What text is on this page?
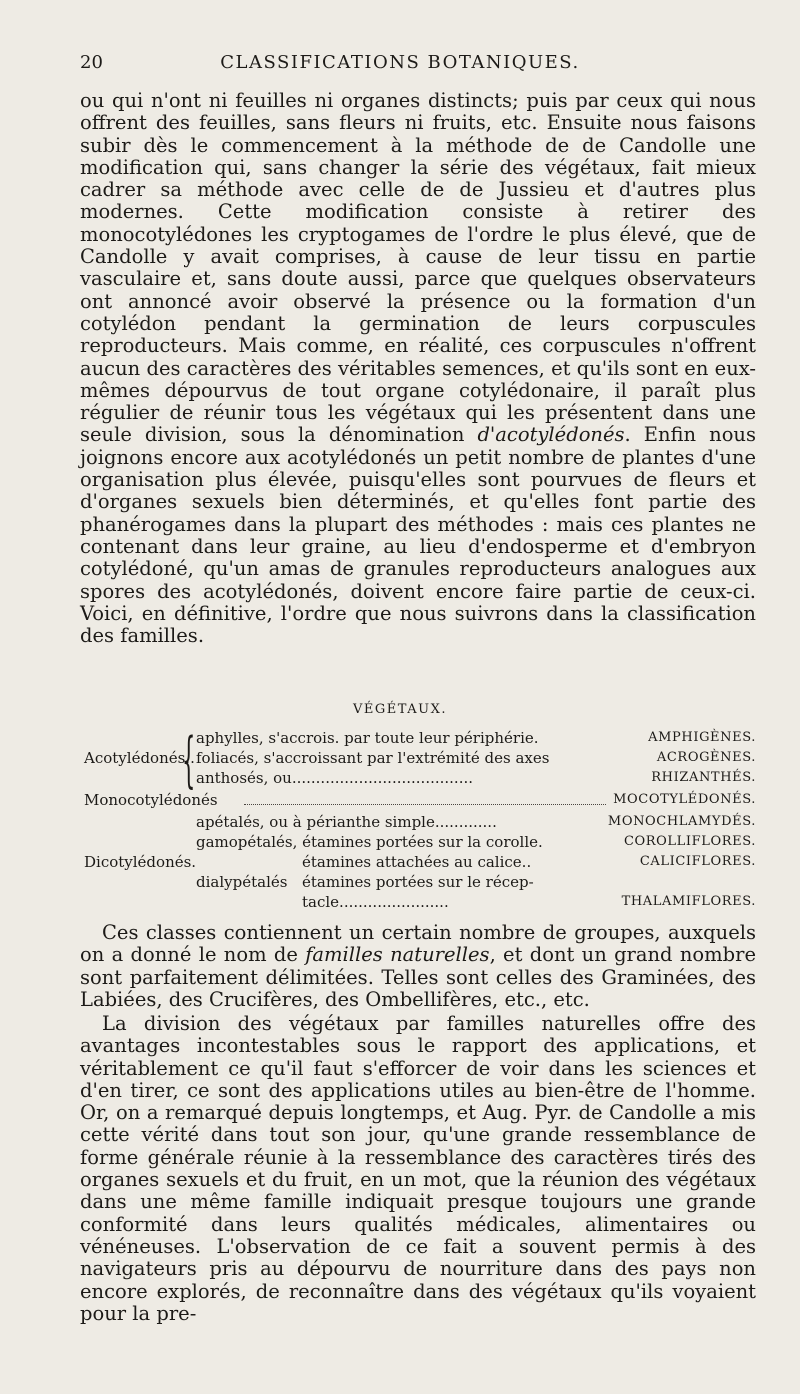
20	CLASSIFICATIONS BOTANIQUES.

ou qui n'ont ni feuilles ni organes distincts; puis par ceux qui nous offrent des feuilles, sans fleurs ni fruits, etc. Ensuite nous faisons subir dès le commencement à la méthode de de Candolle une modification qui, sans changer la série des végétaux, fait mieux cadrer sa méthode avec celle de de Jussieu et d'autres plus modernes. Cette modification consiste à retirer des monocotylédones les cryptogames de l'ordre le plus élevé, que de Candolle y avait comprises, à cause de leur tissu en partie vasculaire et, sans doute aussi, parce que quelques observateurs ont annoncé avoir observé la présence ou la formation d'un cotylédon pendant la germination de leurs corpuscules reproducteurs. Mais comme, en réalité, ces corpuscules n'offrent aucun des caractères des véritables semences, et qu'ils sont en eux-mêmes dépourvus de tout organe cotylédonaire, il paraît plus régulier de réunir tous les végétaux qui les présentent dans une seule division, sous la dénomination d'acotylédonés. Enfin nous joignons encore aux acotylédonés un petit nombre de plantes d'une organisation plus élevée, puisqu'elles sont pourvues de fleurs et d'organes sexuels bien déterminés, et qu'elles font partie des phanérogames dans la plupart des méthodes : mais ces plantes ne contenant dans leur graine, au lieu d'endosperme et d'embryon cotylédoné, qu'un amas de granules reproducteurs analogues aux spores des acotylédonés, doivent encore faire partie de ceux-ci. Voici, en définitive, l'ordre que nous suivrons dans la classification des familles.

VÉGÉTAUX.
{ aphylles, s'accrois. par toute leur périphérie.	AMPHIGÈNES.
Acotylédonés.. foliacés, s'accroissant par l'extrémité des axes	ACROGÈNES.
anthosés, ou......................................	RHIZANTHÉS.
Monocotylédonés	MOCOTYLÉDONÉS.
apétalés, ou à périanthe simple.............	MONOCHLAMYDÉS.
gamopétalés, étamines portées sur la corolle.	COROLLIFLORES.
Dicotylédonés.	étamines attachées au calice..	CALICIFLORES.
dialypétalés étamines portées sur le récep-
tacle.......................	THALAMIFLORES.

Ces classes contiennent un certain nombre de groupes, auxquels on a donné le nom de familles naturelles, et dont un grand nombre sont parfaitement délimitées. Telles sont celles des Graminées, des Labiées, des Crucifères, des Ombellifères, etc., etc.

La division des végétaux par familles naturelles offre des avantages incontestables sous le rapport des applications, et véritablement ce qu'il faut s'efforcer de voir dans les sciences et d'en tirer, ce sont des applications utiles au bien-être de l'homme. Or, on a remarqué depuis longtemps, et Aug. Pyr. de Candolle a mis cette vérité dans tout son jour, qu'une grande ressemblance de forme générale réunie à la ressemblance des caractères tirés des organes sexuels et du fruit, en un mot, que la réunion des végétaux dans une même famille indiquait presque toujours une grande conformité dans leurs qualités médicales, alimentaires ou vénéneuses. L'observation de ce fait a souvent permis à des navigateurs pris au dépourvu de nourriture dans des pays non encore explorés, de reconnaître dans des végétaux qu'ils voyaient pour la pre-
